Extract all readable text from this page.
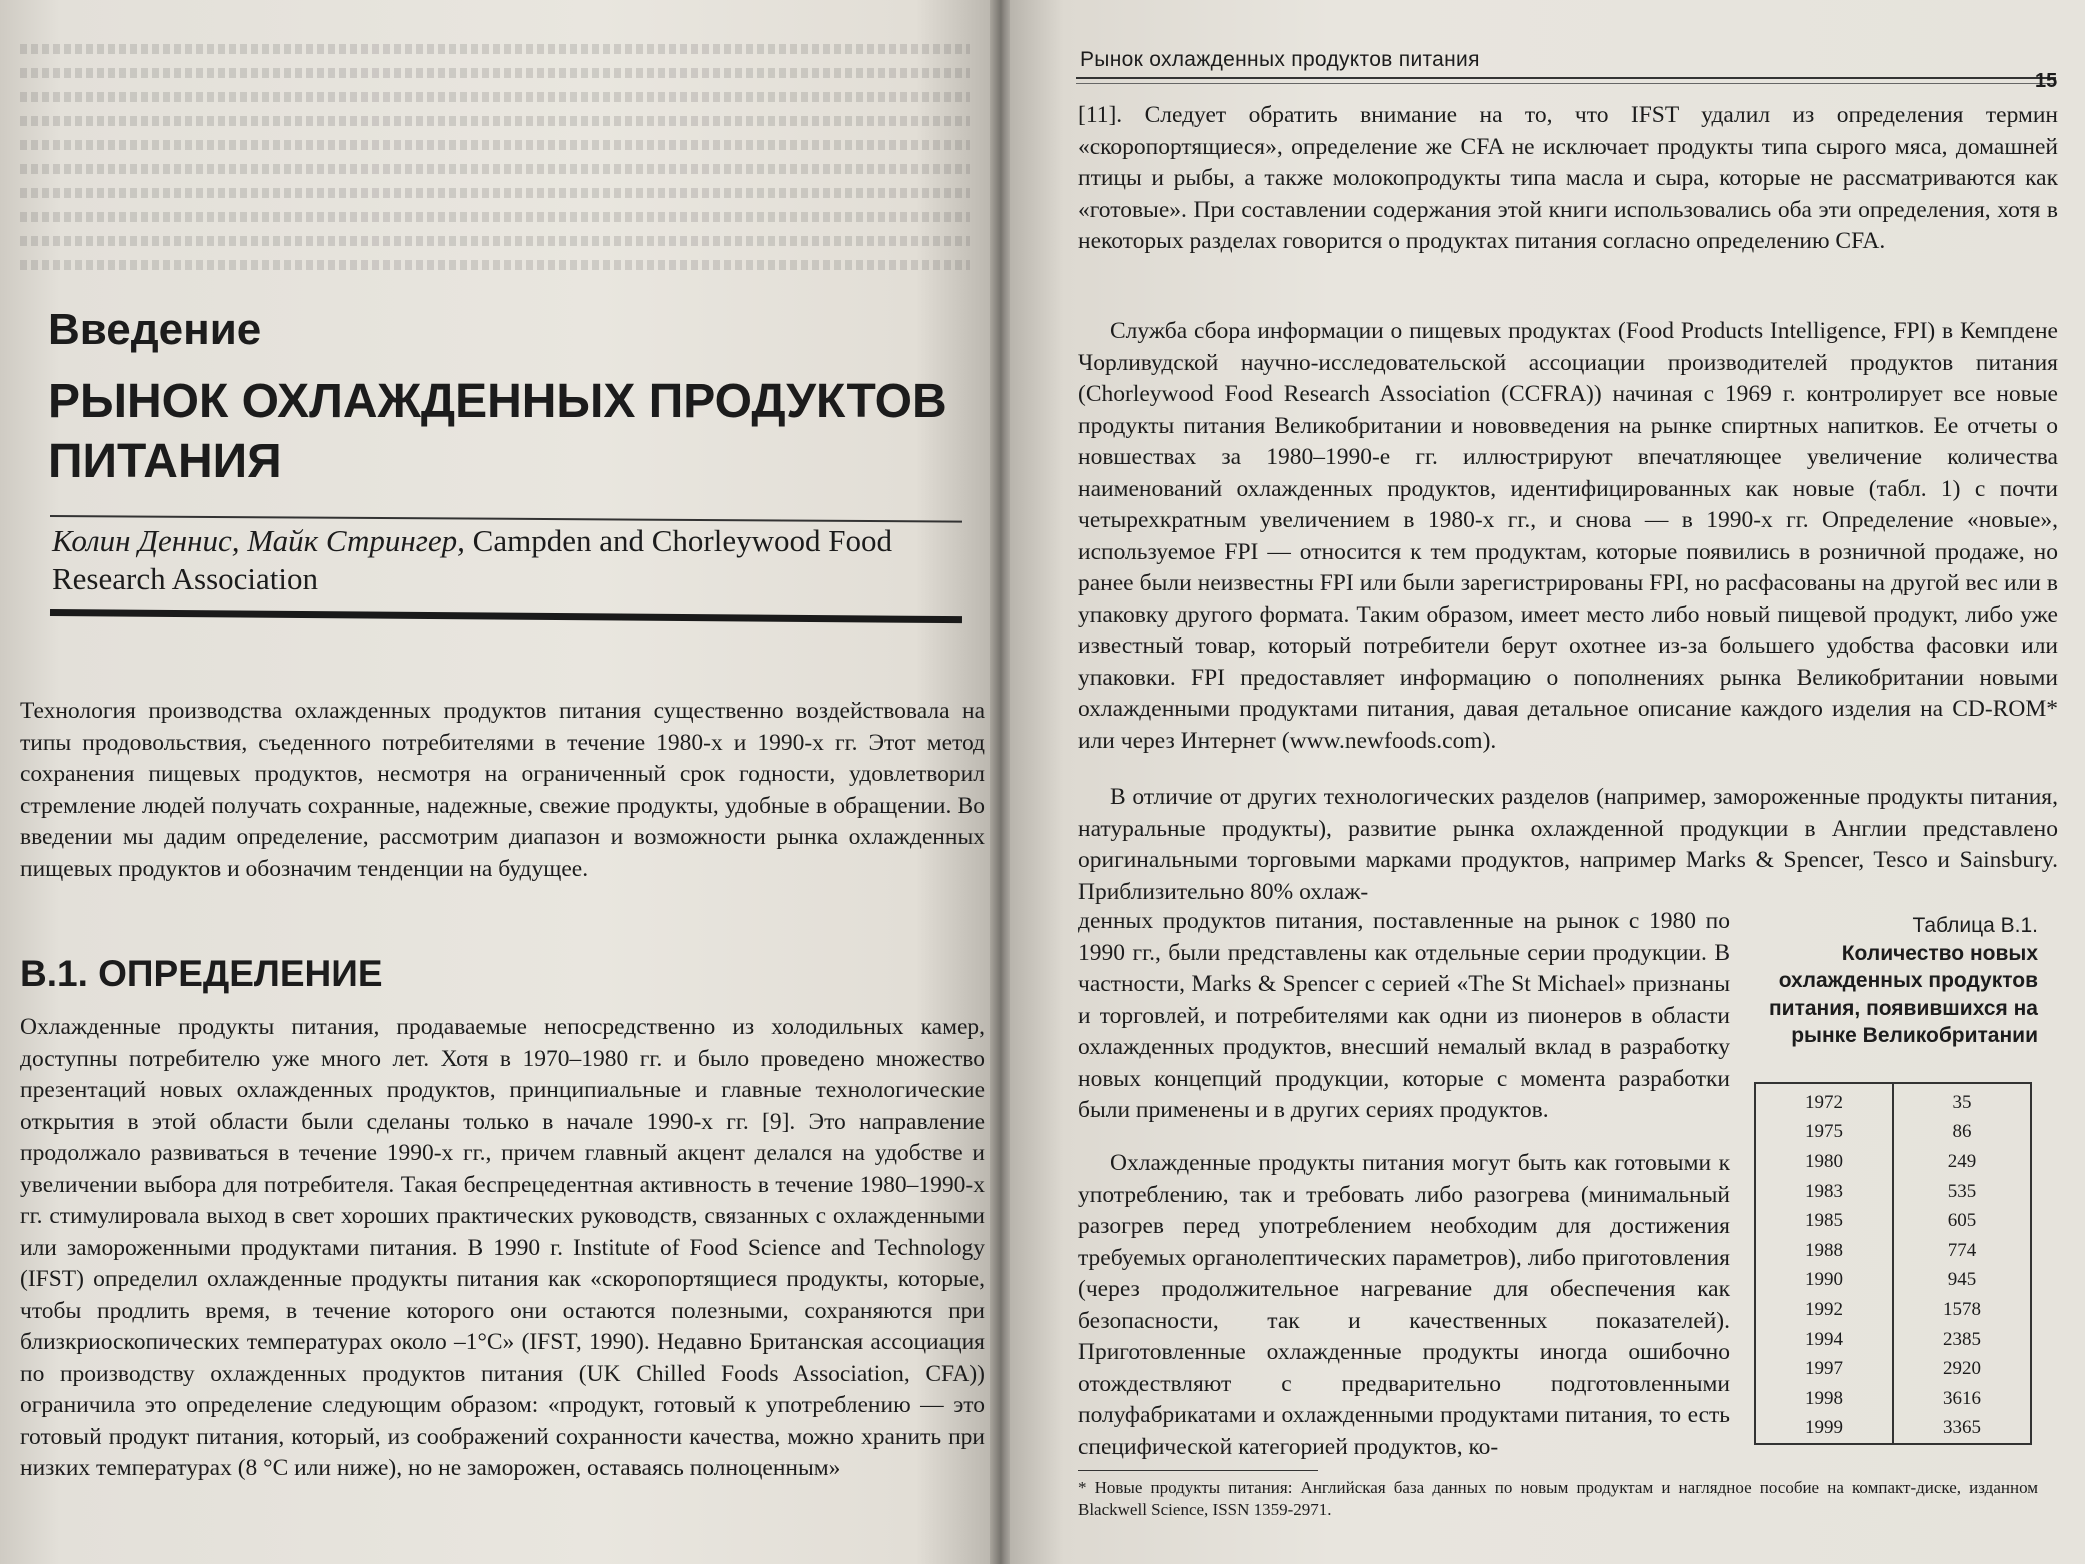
Введение
РЫНОК ОХЛАЖДЕННЫХ ПРОДУКТОВ ПИТАНИЯ
Колин Деннис, Майк Стрингер, Campden and Chorleywood Food Research Association

Технология производства охлажденных продуктов питания существенно воздействовала на типы продовольствия, съеденного потребителями в течение 1980-х и 1990-х гг. Этот метод сохранения пищевых продуктов, несмотря на ограниченный срок годности, удовлетворил стремление людей получать сохранные, надежные, свежие продукты, удобные в обращении. Во введении мы дадим определение, рассмотрим диапазон и возможности рынка охлажденных пищевых продуктов и обозначим тенденции на будущее.

В.1. ОПРЕДЕЛЕНИЕ

Охлажденные продукты питания, продаваемые непосредственно из холодильных камер, доступны потребителю уже много лет. Хотя в 1970–1980 гг. и было проведено множество презентаций новых охлажденных продуктов, принципиальные и главные технологические открытия в этой области были сделаны только в начале 1990-х гг. [9]. Это направление продолжало развиваться в течение 1990-х гг., причем главный акцент делался на удобстве и увеличении выбора для потребителя. Такая беспрецедентная активность в течение 1980–1990-х гг. стимулировала выход в свет хороших практических руководств, связанных с охлажденными или замороженными продуктами питания. В 1990 г. Institute of Food Science and Technology (IFST) определил охлажденные продукты питания как «скоропортящиеся продукты, которые, чтобы продлить время, в течение которого они остаются полезными, сохраняются при близкриоскопических температурах около –1°С» (IFST, 1990). Недавно Британская ассоциация по производству охлажденных продуктов питания (UK Chilled Foods Association, CFA)) ограничила это определение следующим образом: «продукт, готовый к употреблению — это готовый продукт питания, который, из соображений сохранности качества, можно хранить при низких температурах (8 °С или ниже), но не заморожен, оставаясь полноценным»

Рынок охлажденных продуктов питания
15

[11]. Следует обратить внимание на то, что IFST удалил из определения термин «скоропортящиеся», определение же CFA не исключает продукты типа сырого мяса, домашней птицы и рыбы, а также молокопродукты типа масла и сыра, которые не рассматриваются как «готовые». При составлении содержания этой книги использовались оба эти определения, хотя в некоторых разделах говорится о продуктах питания согласно определению CFA.

Служба сбора информации о пищевых продуктах (Food Products Intelligence, FPI) в Кемпдене Чорливудской научно-исследовательской ассоциации производителей продуктов питания (Chorleywood Food Research Association (CCFRA)) начиная с 1969 г. контролирует все новые продукты питания Великобритании и нововведения на рынке спиртных напитков. Ее отчеты о новшествах за 1980–1990-е гг. иллюстрируют впечатляющее увеличение количества наименований охлажденных продуктов, идентифицированных как новые (табл. 1) с почти четырехкратным увеличением в 1980-х гг., и снова — в 1990-х гг. Определение «новые», используемое FPI — относится к тем продуктам, которые появились в розничной продаже, но ранее были неизвестны FPI или были зарегистрированы FPI, но расфасованы на другой вес или в упаковку другого формата. Таким образом, имеет место либо новый пищевой продукт, либо уже известный товар, который потребители берут охотнее из-за большего удобства фасовки или упаковки. FPI предоставляет информацию о пополнениях рынка Великобритании новыми охлажденными продуктами питания, давая детальное описание каждого изделия на CD-ROM* или через Интернет (www.newfoods.com).

В отличие от других технологических разделов (например, замороженные продукты питания, натуральные продукты), развитие рынка охлажденной продукции в Англии представлено оригинальными торговыми марками продуктов, например Marks & Spencer, Tesco и Sainsbury. Приблизительно 80% охлаж-

денных продуктов питания, поставленные на рынок с 1980 по 1990 гг., были представлены как отдельные серии продукции. В частности, Marks & Spencer с серией «The St Michael» признаны и торговлей, и потребителями как одни из пионеров в области охлажденных продуктов, внесший немалый вклад в разработку новых концепций продукции, которые с момента разработки были применены и в других сериях продуктов.

Охлажденные продукты питания могут быть как готовыми к употреблению, так и требовать либо разогрева (минимальный разогрев перед употреблением необходим для достижения требуемых органолептических параметров), либо приготовления (через продолжительное нагревание для обеспечения как безопасности, так и качественных показателей). Приготовленные охлажденные продукты иногда ошибочно отождествляют с предварительно подготовленными полуфабрикатами и охлажденными продуктами питания, то есть специфической категорией продуктов, ко-

Таблица В.1.
Количество новых охлажденных продуктов питания, появившихся на рынке Великобритании

1972	35
1975	86
1980	249
1983	535
1985	605
1988	774
1990	945
1992	1578
1994	2385
1997	2920
1998	3616
1999	3365

* Новые продукты питания: Английская база данных по новым продуктам и наглядное пособие на компакт-диске, изданном Blackwell Science, ISSN 1359-2971.
